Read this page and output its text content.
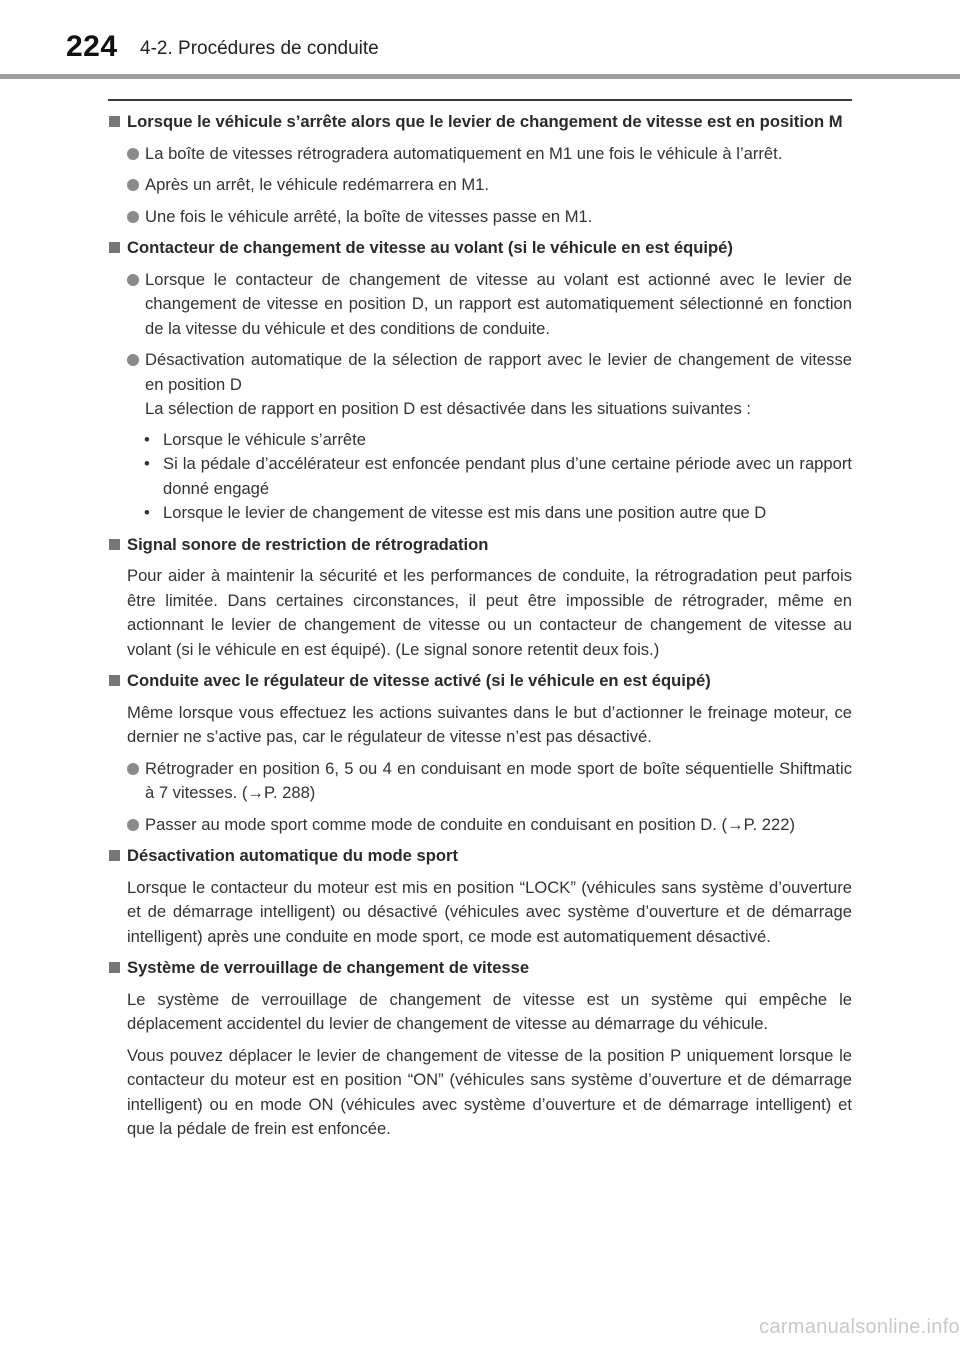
224 4-2. Procédures de conduite
Lorsque le véhicule s’arrête alors que le levier de changement de vitesse est en position M
La boîte de vitesses rétrogradera automatiquement en M1 une fois le véhicule à l’arrêt.
Après un arrêt, le véhicule redémarrera en M1.
Une fois le véhicule arrêté, la boîte de vitesses passe en M1.
Contacteur de changement de vitesse au volant (si le véhicule en est équipé)
Lorsque le contacteur de changement de vitesse au volant est actionné avec le levier de changement de vitesse en position D, un rapport est automatiquement sélectionné en fonction de la vitesse du véhicule et des conditions de conduite.
Désactivation automatique de la sélection de rapport avec le levier de changement de vitesse en position D
La sélection de rapport en position D est désactivée dans les situations suivantes :
• Lorsque le véhicule s’arrête
• Si la pédale d’accélérateur est enfoncée pendant plus d’une certaine période avec un rapport donné engagé
• Lorsque le levier de changement de vitesse est mis dans une position autre que D
Signal sonore de restriction de rétrogradation
Pour aider à maintenir la sécurité et les performances de conduite, la rétrogradation peut parfois être limitée. Dans certaines circonstances, il peut être impossible de rétrograder, même en actionnant le levier de changement de vitesse ou un contacteur de changement de vitesse au volant (si le véhicule en est équipé). (Le signal sonore retentit deux fois.)
Conduite avec le régulateur de vitesse activé (si le véhicule en est équipé)
Même lorsque vous effectuez les actions suivantes dans le but d’actionner le freinage moteur, ce dernier ne s’active pas, car le régulateur de vitesse n’est pas désactivé.
Rétrograder en position 6, 5 ou 4 en conduisant en mode sport de boîte séquentielle Shiftmatic à 7 vitesses. (→P. 288)
Passer au mode sport comme mode de conduite en conduisant en position D. (→P. 222)
Désactivation automatique du mode sport
Lorsque le contacteur du moteur est mis en position “LOCK” (véhicules sans système d’ouverture et de démarrage intelligent) ou désactivé (véhicules avec système d’ouverture et de démarrage intelligent) après une conduite en mode sport, ce mode est automatiquement désactivé.
Système de verrouillage de changement de vitesse
Le système de verrouillage de changement de vitesse est un système qui empêche le déplacement accidentel du levier de changement de vitesse au démarrage du véhicule.
Vous pouvez déplacer le levier de changement de vitesse de la position P uniquement lorsque le contacteur du moteur est en position “ON” (véhicules sans système d’ouverture et de démarrage intelligent) ou en mode ON (véhicules avec système d’ouverture et de démarrage intelligent) et que la pédale de frein est enfoncée.
carmanualsonline.info
